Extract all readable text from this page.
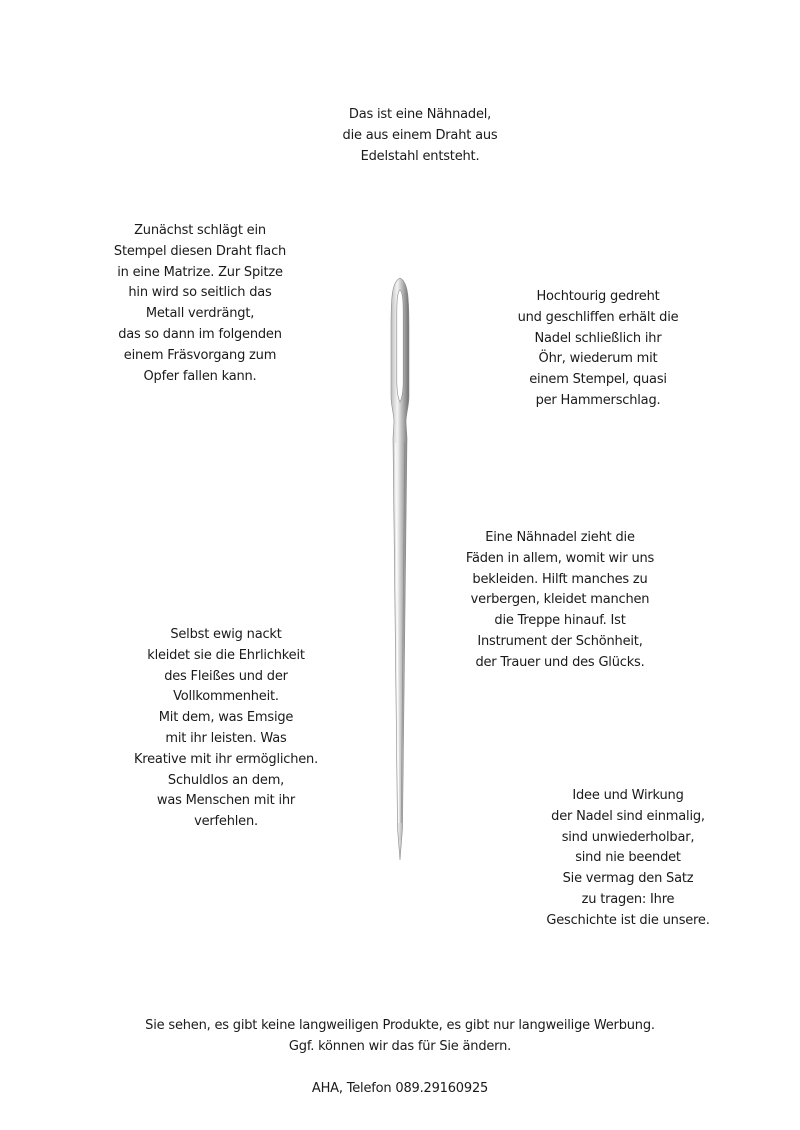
Das ist eine Nähnadel,
die aus einem Draht aus
Edelstahl entsteht.
Zunächst schlägt ein
Stempel diesen Draht flach
in eine Matrize. Zur Spitze
hin wird so seitlich das
Metall verdrängt,
das so dann im folgenden
einem Fräsvorgang zum
Opfer fallen kann.
Hochtourig gedreht
und geschliffen erhält die
Nadel schließlich ihr
Öhr, wiederum mit
einem Stempel, quasi
per Hammerschlag.
Eine Nähnadel zieht die
Fäden in allem, womit wir uns
bekleiden. Hilft manches zu
verbergen, kleidet manchen
die Treppe hinauf. Ist
Instrument der Schönheit,
der Trauer und des Glücks.
Selbst ewig nackt
kleidet sie die Ehrlichkeit
des Fleißes und der
Vollkommenheit.
Mit dem, was Emsige
mit ihr leisten. Was
Kreative mit ihr ermöglichen.
Schuldlos an dem,
was Menschen mit ihr
verfehlen.
Idee und Wirkung
der Nadel sind einmalig,
sind unwiederholbar,
sind nie beendet
Sie vermag den Satz
zu tragen: Ihre
Geschichte ist die unsere.
Sie sehen, es gibt keine langweiligen Produkte, es gibt nur langweilige Werbung.
Ggf. können wir das für Sie ändern.
AHA, Telefon 089.29160925
